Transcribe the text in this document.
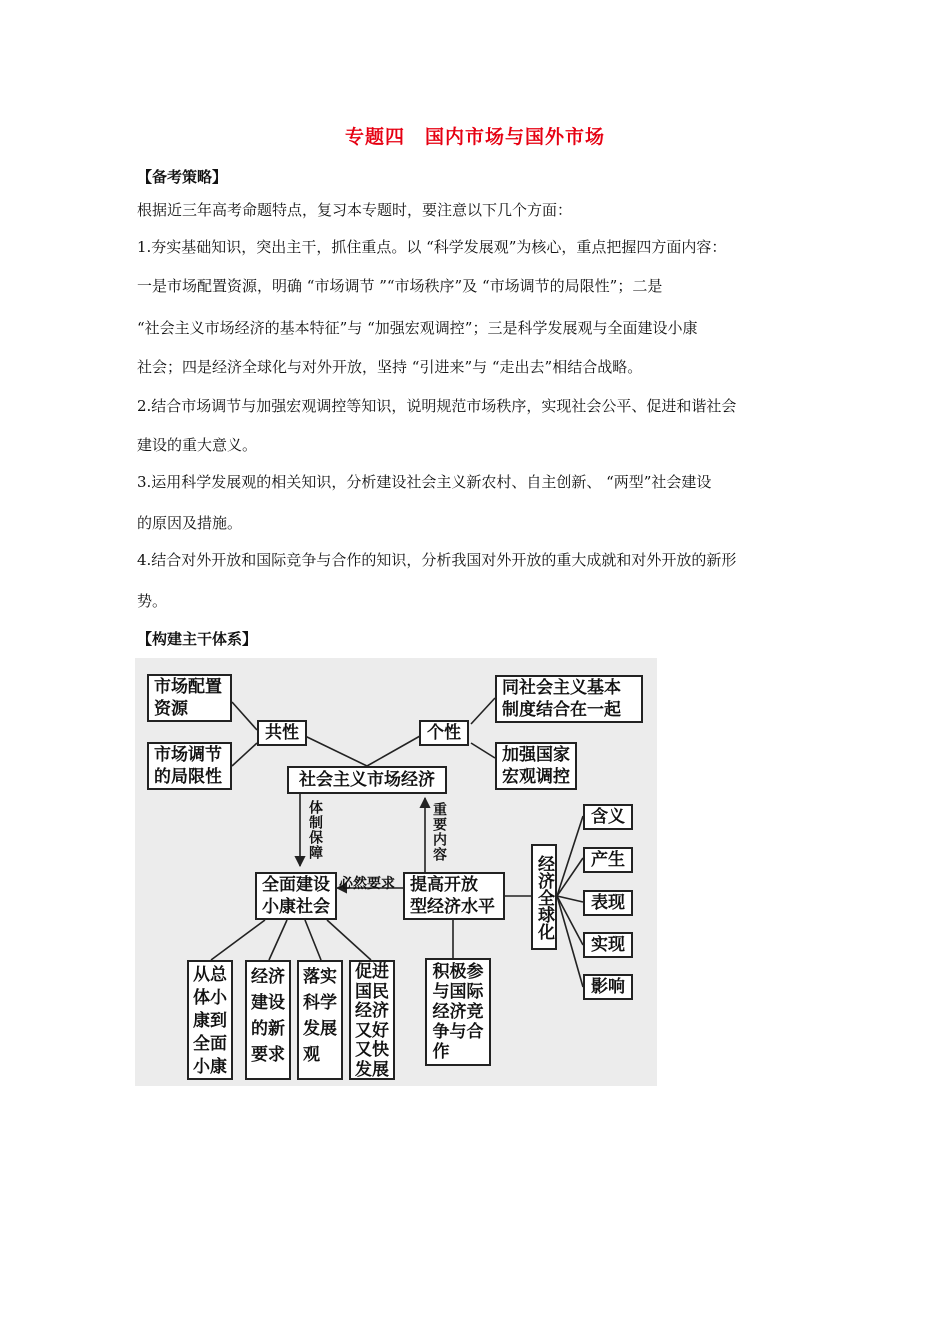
专题四　国内市场与国外市场
【备考策略】
根据近三年高考命题特点，复习本专题时，要注意以下几个方面：
1.夯实基础知识，突出主干，抓住重点。以 “科学发展观”为核心，重点把握四方面内容：
一是市场配置资源，明确 “市场调节 ”“市场秩序”及 “市场调节的局限性”；二是
“社会主义市场经济的基本特征”与 “加强宏观调控”；三是科学发展观与全面建设小康
社会；四是经济全球化与对外开放，坚持 “引进来”与 “走出去”相结合战略。
2.结合市场调节与加强宏观调控等知识，说明规范市场秩序，实现社会公平、促进和谐社会
建设的重大意义。
3.运用科学发展观的相关知识，分析建设社会主义新农村、自主创新、 “两型”社会建设
的原因及措施。
4.结合对外开放和国际竞争与合作的知识，分析我国对外开放的重大成就和对外开放的新形
势。
【构建主干体系】
市场配置
资源
市场调节
的局限性
共性	个性
同社会主义基本
制度结合在一起
加强国家
宏观调控
社会主义市场经济
体制保障	重要内容
必然要求
全面建设
小康社会
提高开放
型经济水平 经济全球化
含义
产生
表现
实现
影响
从总
体小
康到
全面
小康
经济
建设
的新
要求
落实
科学
发展
观
促进
国民
经济
又好
又快
发展
积极参
与国际
经济竞
争与合
作
